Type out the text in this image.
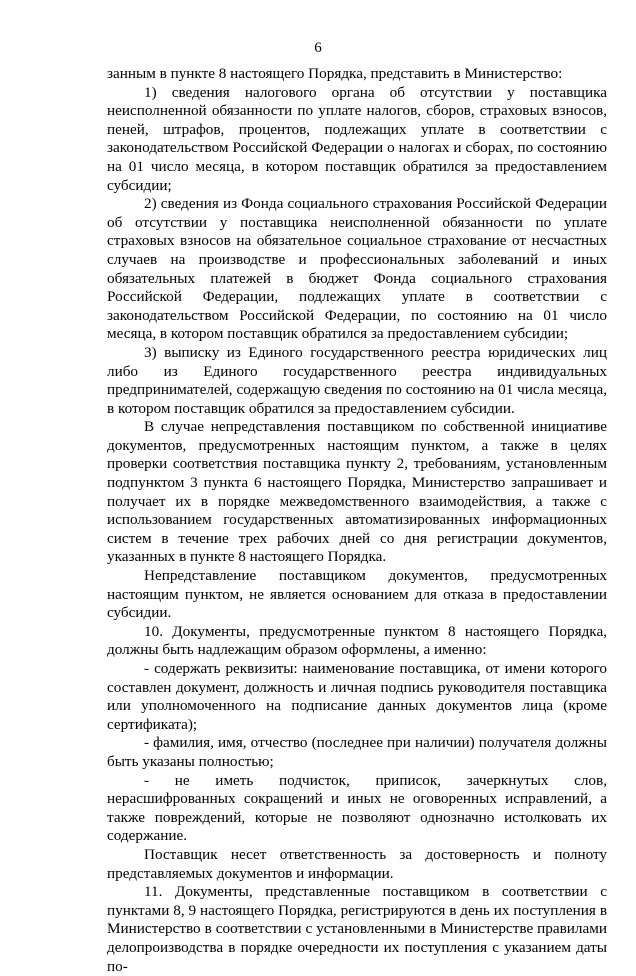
6

занным в пункте 8 настоящего Порядка, представить в Министерство:

1) сведения налогового органа об отсутствии у поставщика неисполненной обязанности по уплате налогов, сборов, страховых взносов, пеней, штрафов, процентов, подлежащих уплате в соответствии с законодательством Российской Федерации о налогах и сборах, по состоянию на 01 число месяца, в котором поставщик обратился за предоставлением субсидии;

2) сведения из Фонда социального страхования Российской Федерации об отсутствии у поставщика неисполненной обязанности по уплате страховых взносов на обязательное социальное страхование от несчастных случаев на производстве и профессиональных заболеваний и иных обязательных платежей в бюджет Фонда социального страхования Российской Федерации, подлежащих уплате в соответствии с законодательством Российской Федерации, по состоянию на 01 число месяца, в котором поставщик обратился за предоставлением субсидии;

3) выписку из Единого государственного реестра юридических лиц либо из Единого государственного реестра индивидуальных предпринимателей, содержащую сведения по состоянию на 01 числа месяца, в котором поставщик обратился за предоставлением субсидии.

В случае непредставления поставщиком по собственной инициативе документов, предусмотренных настоящим пунктом, а также в целях проверки соответствия поставщика пункту 2, требованиям, установленным подпунктом 3 пункта 6 настоящего Порядка, Министерство запрашивает и получает их в порядке межведомственного взаимодействия, а также с использованием государственных автоматизированных информационных систем в течение трех рабочих дней со дня регистрации документов, указанных в пункте 8 настоящего Порядка.

Непредставление поставщиком документов, предусмотренных настоящим пунктом, не является основанием для отказа в предоставлении субсидии.

10. Документы, предусмотренные пунктом 8 настоящего Порядка, должны быть надлежащим образом оформлены, а именно:

- содержать реквизиты: наименование поставщика, от имени которого составлен документ, должность и личная подпись руководителя поставщика или уполномоченного на подписание данных документов лица (кроме сертификата);

- фамилия, имя, отчество (последнее при наличии) получателя должны быть указаны полностью;

- не иметь подчисток, приписок, зачеркнутых слов, нерасшифрованных сокращений и иных не оговоренных исправлений, а также повреждений, которые не позволяют однозначно истолковать их содержание.

Поставщик несет ответственность за достоверность и полноту представляемых документов и информации.

11. Документы, представленные поставщиком в соответствии с пунктами 8, 9 настоящего Порядка, регистрируются в день их поступления в Министерство в соответствии с установленными в Министерстве правилами делопроизводства в порядке очередности их поступления с указанием даты по-
